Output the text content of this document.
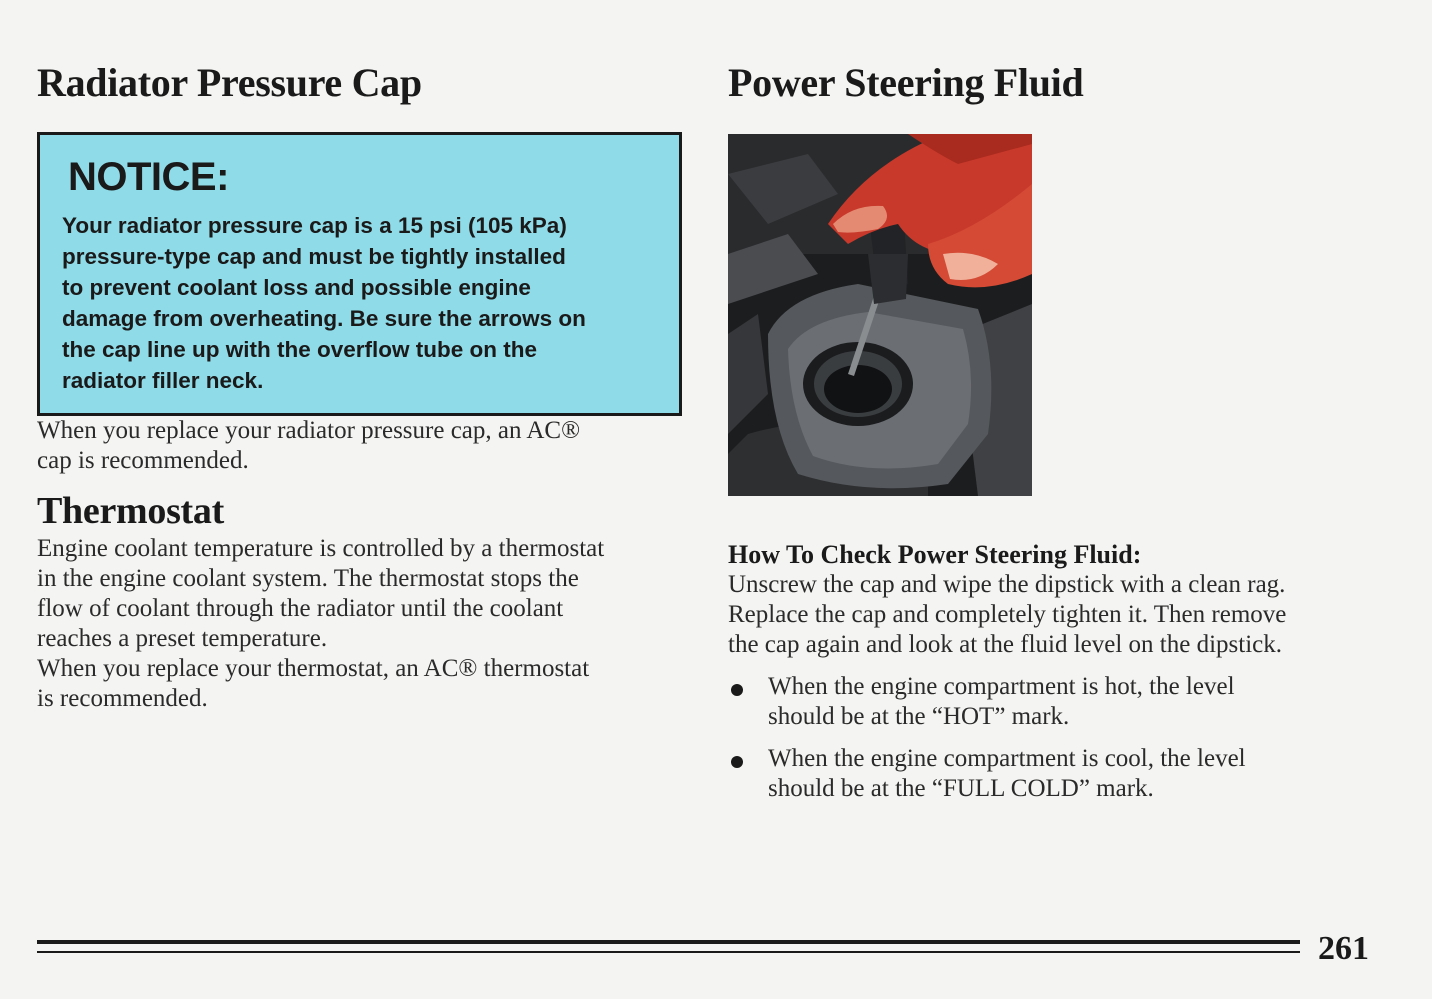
Radiator Pressure Cap
NOTICE:

Your radiator pressure cap is a 15 psi (105 kPa)
pressure-type cap and must be tightly installed
to prevent coolant loss and possible engine
damage from overheating. Be sure the arrows on
the cap line up with the overflow tube on the
radiator filler neck.

When you replace your radiator pressure cap, an AC®
cap is recommended.

Thermostat

Engine coolant temperature is controlled by a thermostat
in the engine coolant system. The thermostat stops the
flow of coolant through the radiator until the coolant
reaches a preset temperature.

When you replace your thermostat, an AC® thermostat
is recommended.

Power Steering Fluid
How To Check Power Steering Fluid:

Unscrew the cap and wipe the dipstick with a clean rag.
Replace the cap and completely tighten it. Then remove
the cap again and look at the fluid level on the dipstick.

When the engine compartment is hot, the level
should be at the “HOT” mark.

When the engine compartment is cool, the level
should be at the “FULL COLD” mark.

261
